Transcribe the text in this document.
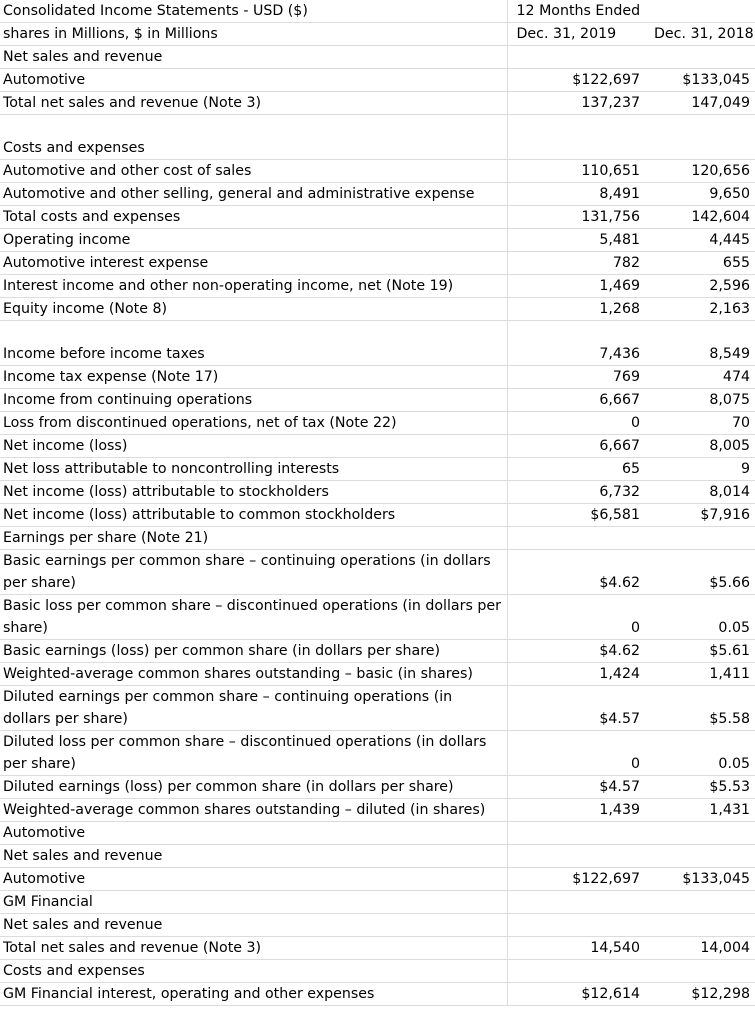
Consolidated Income Statements - USD ($)	12 Months Ended	
shares in Millions, $ in Millions	Dec. 31, 2019	Dec. 31, 2018
Net sales and revenue		
Automotive	$122,697	$133,045
Total net sales and revenue (Note 3)	137,237	147,049

Costs and expenses		
Automotive and other cost of sales	110,651	120,656
Automotive and other selling, general and administrative expense	8,491	9,650
Total costs and expenses	131,756	142,604
Operating income	5,481	4,445
Automotive interest expense	782	655
Interest income and other non-operating income, net (Note 19)	1,469	2,596
Equity income (Note 8)	1,268	2,163

Income before income taxes	7,436	8,549
Income tax expense (Note 17)	769	474
Income from continuing operations	6,667	8,075
Loss from discontinued operations, net of tax (Note 22)	0	70
Net income (loss)	6,667	8,005
Net loss attributable to noncontrolling interests	65	9
Net income (loss) attributable to stockholders	6,732	8,014
Net income (loss) attributable to common stockholders	$6,581	$7,916
Earnings per share (Note 21)		
Basic earnings per common share – continuing operations (in dollars per share)	$4.62	$5.66
Basic loss per common share – discontinued operations (in dollars per share)	0	0.05
Basic earnings (loss) per common share (in dollars per share)	$4.62	$5.61
Weighted-average common shares outstanding – basic (in shares)	1,424	1,411
Diluted earnings per common share – continuing operations (in dollars per share)	$4.57	$5.58
Diluted loss per common share – discontinued operations (in dollars per share)	0	0.05
Diluted earnings (loss) per common share (in dollars per share)	$4.57	$5.53
Weighted-average common shares outstanding – diluted (in shares)	1,439	1,431
Automotive		
Net sales and revenue		
Automotive	$122,697	$133,045
GM Financial		
Net sales and revenue		
Total net sales and revenue (Note 3)	14,540	14,004
Costs and expenses		
GM Financial interest, operating and other expenses	$12,614	$12,298
